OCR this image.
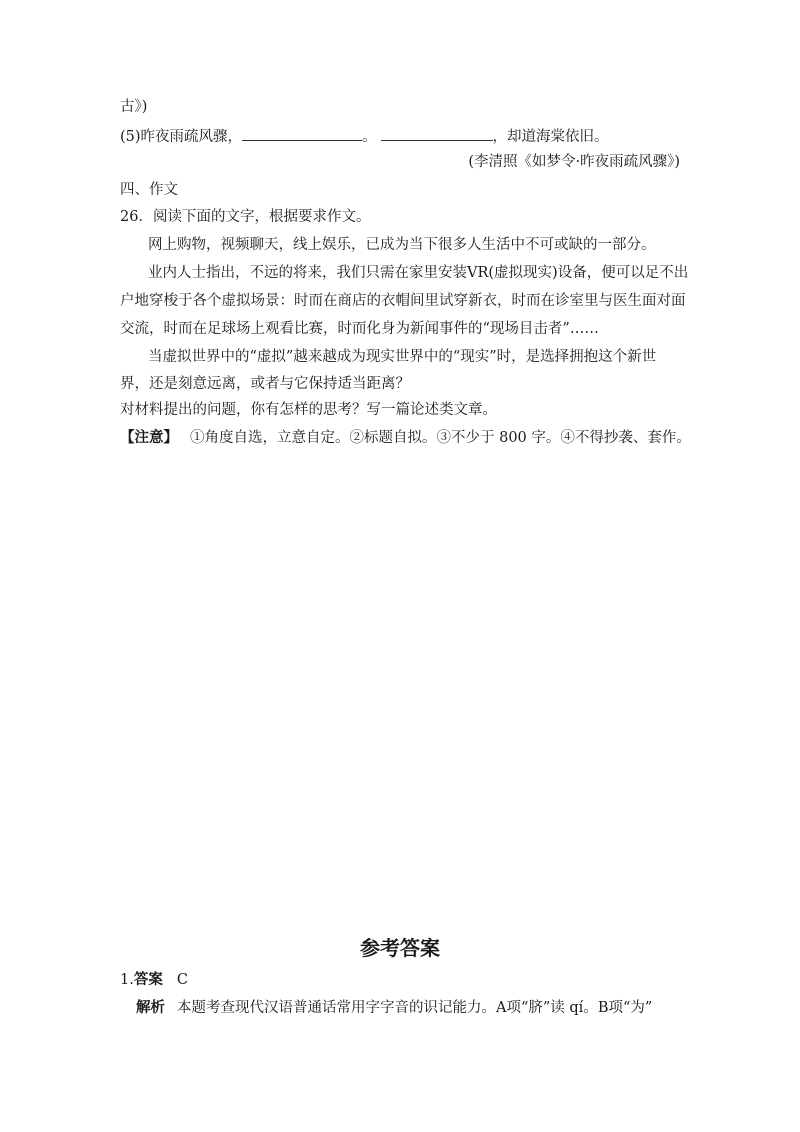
古》)
(5)昨夜雨疏风骤，	。	，却道海棠依旧。
(李清照《如梦令·昨夜雨疏风骤》)
四、作文
26．阅读下面的文字，根据要求作文。
网上购物，视频聊天，线上娱乐，已成为当下很多人生活中不可或缺的一部分。
业内人士指出，不远的将来，我们只需在家里安装VR(虚拟现实)设备，便可以足不出
户地穿梭于各个虚拟场景：时而在商店的衣帽间里试穿新衣，时而在诊室里与医生面对面
交流，时而在足球场上观看比赛，时而化身为新闻事件的“现场目击者”……
当虚拟世界中的“虚拟”越来越成为现实世界中的“现实”时，是选择拥抱这个新世
界，还是刻意远离，或者与它保持适当距离？
对材料提出的问题，你有怎样的思考？写一篇论述类文章。
【注意】 ①角度自选，立意自定。②标题自拟。③不少于 800 字。④不得抄袭、套作。
参考答案
1.答案 C
解析 本题考查现代汉语普通话常用字字音的识记能力。A项“脐”读 qí。B项“为”
